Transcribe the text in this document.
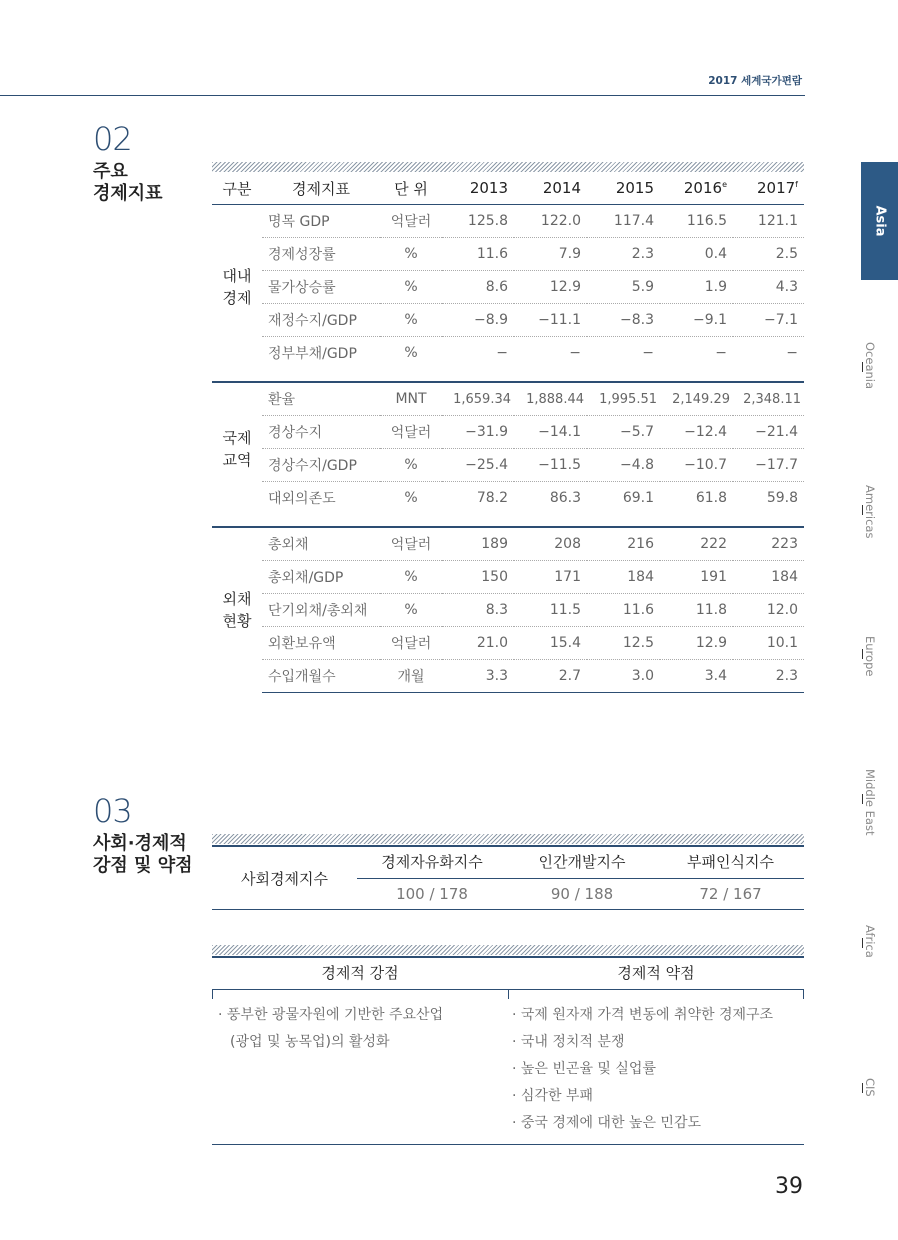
2017 세계국가편람
02
주요
경제지표	구분	경제지표	단 위	2013	2014	2015	2016e	2017$^f$

대내
경제	명목 GDP	억달러	125.8	122.0	117.4	116.5	121.1
	경제성장률	%	11.6	7.9	2.3	0.4	2.5
	물가상승률	%	8.6	12.9	5.9	1.9	4.3
	재정수지/GDP	%	−8.9	−11.1	−8.3	−9.1	−7.1
	정부부채/GDP	%	−	−	−	−	−

국제
교역	환율	MNT	1,659.34	1,888.44	1,995.51	2,149.29	2,348.11
	경상수지	억달러	−31.9	−14.1	−5.7	−12.4	−21.4
	경상수지/GDP	%	−25.4	−11.5	−4.8	−10.7	−17.7
	대외의존도	%	78.2	86.3	69.1	61.8	59.8

외채
현황	총외채	억달러	189	208	216	222	223
	총외채/GDP	%	150	171	184	191	184
	단기외채/총외채	%	8.3	11.5	11.6	11.8	12.0
	외환보유액	억달러	21.0	15.4	12.5	12.9	10.1
	수입개월수	개월	3.3	2.7	3.0	3.4	2.3
03
사회·경제적
강점 및 약점
사회경제지수
경제자유화지수	인간개발지수	부패인식지수
100 / 178	90 / 188	72 / 167
경제적 강점	경제적 약점
· 풍부한 광물자원에 기반한 주요산업
(광업 및 농목업)의 활성화
· 국제 원자재 가격 변동에 취약한 경제구조
· 국내 정치적 분쟁
· 높은 빈곤율 및 실업률
· 심각한 부패
· 중국 경제에 대한 높은 민감도
Asia
Oceania
Americas
Europe
Middle East
Africa
CIS
39
